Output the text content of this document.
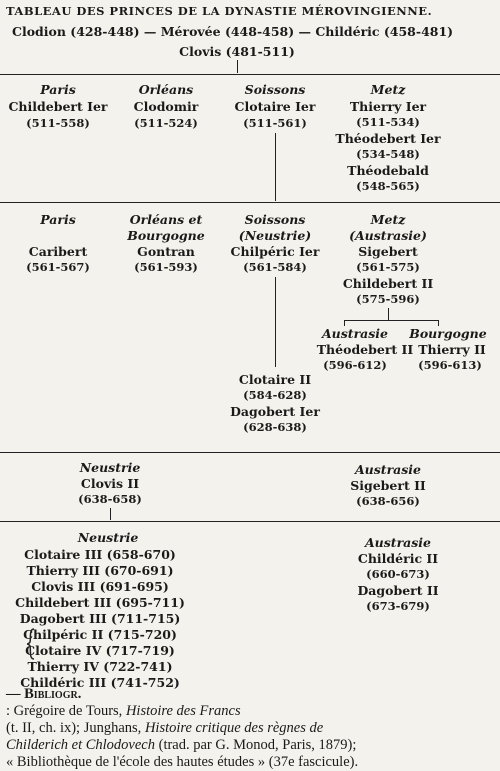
TABLEAU DES PRINCES DE LA DYNASTIE MÉROVINGIENNE.
Clodion (428-448) — Mérovée (448-458) — Childéric (458-481)
Clovis (481-511)
Paris
Childebert Ier
(511-558)
Orléans
Clodomir
(511-524)
Soissons
Clotaire Ier
(511-561)
Metz
Thierry Ier
(511-534)
Théodebert Ier
(534-548)
Théodebald
(548-565)
Paris
Caribert
(561-567)
Orléans et
Bourgogne
Gontran
(561-593)
Soissons
(Neustrie)
Chilpéric Ier
(561-584)
Metz
(Austrasie)
Sigebert
(561-575)
Childebert II
(575-596)
Austrasie
Théodebert II
(596-612)
Bourgogne
Thierry II
(596-613)
Clotaire II
(584-628)
Dagobert Ier
(628-638)
Neustrie
Clovis II
(638-658)
Austrasie
Sigebert II
(638-656)
Neustrie
Clotaire III (658-670)
Thierry III (670-691)
Clovis III (691-695)
Childebert III (695-711)
Dagobert III (711-715)
Chilpéric II (715-720)
Clotaire IV (717-719)
Thierry IV (722-741)
Childéric III (741-752)
Austrasie
Childéric II
(660-673)
Dagobert II
(673-679)
— Bibliogr.
: Grégoire de Tours, Histoire des Francs
(t. II, ch. ix); Junghans, Histoire critique des règnes de
Childerich et Chlodovech (trad. par G. Monod, Paris, 1879);
« Bibliothèque de l'école des hautes études » (37e fascicule).
